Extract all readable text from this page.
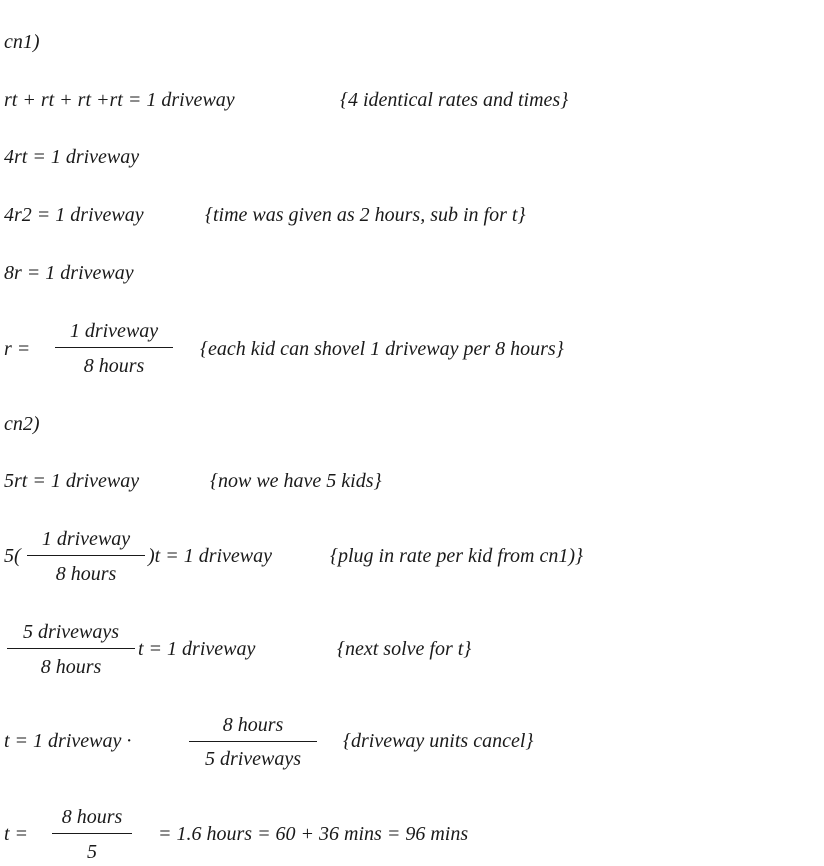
cn1)
rt + rt + rt +rt = 1 driveway	{4 identical rates and times}
4rt = 1 driveway
4r2 = 1 driveway	{time was given as 2 hours, sub in for t}
8r = 1 driveway
r =
1 driveway
8 hours
{each kid can shovel 1 driveway per 8 hours}
cn2)
5rt = 1 driveway	{now we have 5 kids}
5(
1 driveway
8 hours
)t = 1 driveway	{plug in rate per kid from cn1)}
5 driveways
8 hours
t = 1 driveway	{next solve for t}
t = 1 driveway ·
8 hours
5 driveways
{driveway units cancel}
t =
8 hours
5
= 1.6 hours = 60 + 36 mins = 96 mins
